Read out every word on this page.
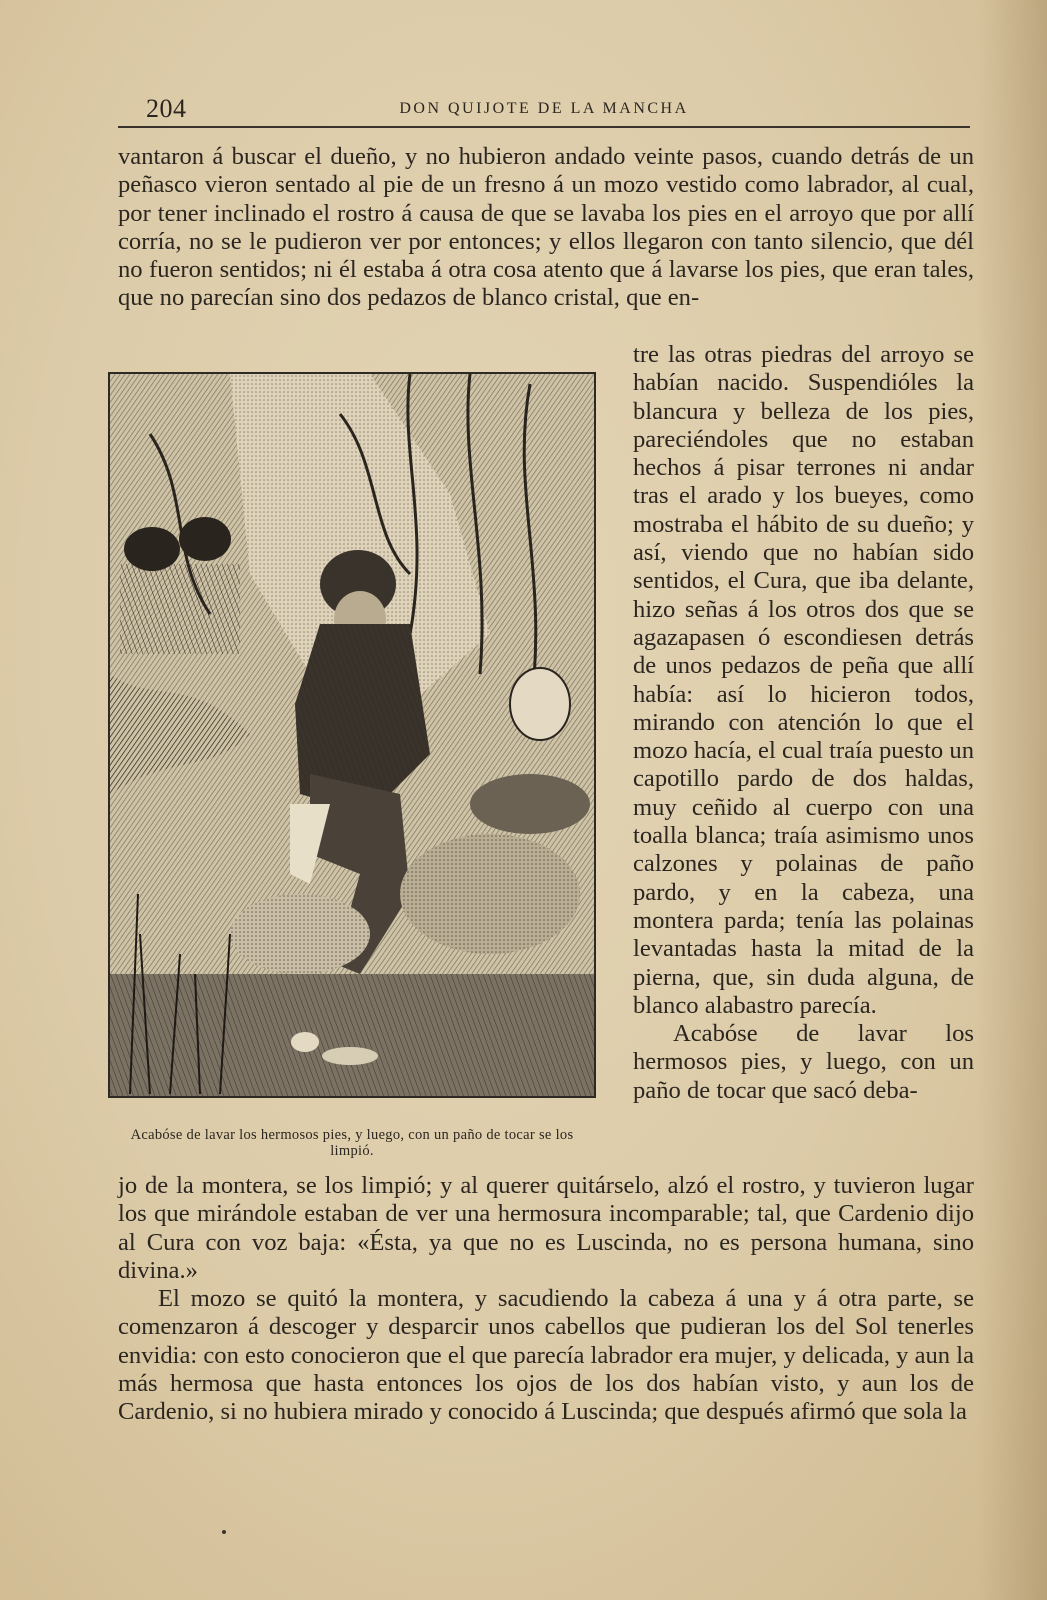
204	DON QUIJOTE DE LA MANCHA

vantaron á buscar el dueño, y no hubieron andado veinte pasos, cuando detrás de un peñasco vieron sentado al pie de un fresno á un mozo vestido como labrador, al cual, por tener inclinado el rostro á causa de que se lavaba los pies en el arroyo que por allí corría, no se le pudieron ver por entonces; y ellos llegaron con tanto silencio, que dél no fueron sentidos; ni él estaba á otra cosa atento que á lavarse los pies, que eran tales, que no parecían sino dos pedazos de blanco cristal, que en-

Acabóse de lavar los hermosos pies, y luego, con un paño de tocar se los limpió.
tre las otras piedras del arroyo se habían nacido. Suspendióles la blancura y belleza de los pies, pareciéndoles que no estaban hechos á pisar terrones ni andar tras el arado y los bueyes, como mostraba el hábito de su dueño; y así, viendo que no habían sido sentidos, el Cura, que iba delante, hizo señas á los otros dos que se agazapasen ó escondiesen detrás de unos pedazos de peña que allí había: así lo hicieron todos, mirando con atención lo que el mozo hacía, el cual traía puesto un capotillo pardo de dos haldas, muy ceñido al cuerpo con una toalla blanca; traía asimismo unos calzones y polainas de paño pardo, y en la cabeza, una montera parda; tenía las polainas levantadas hasta la mitad de la pierna, que, sin duda alguna, de blanco alabastro parecía.
Acabóse de lavar los hermosos pies, y luego, con un paño de tocar que sacó deba-
jo de la montera, se los limpió; y al querer quitárselo, alzó el rostro, y tuvieron lugar los que mirándole estaban de ver una hermosura incomparable; tal, que Cardenio dijo al Cura con voz baja: «Ésta, ya que no es Luscinda, no es persona humana, sino divina.»
El mozo se quitó la montera, y sacudiendo la cabeza á una y á otra parte, se comenzaron á descoger y desparcir unos cabellos que pudieran los del Sol tenerles envidia: con esto conocieron que el que parecía labrador era mujer, y delicada, y aun la más hermosa que hasta entonces los ojos de los dos habían visto, y aun los de Cardenio, si no hubiera mirado y conocido á Luscinda; que después afirmó que sola la
